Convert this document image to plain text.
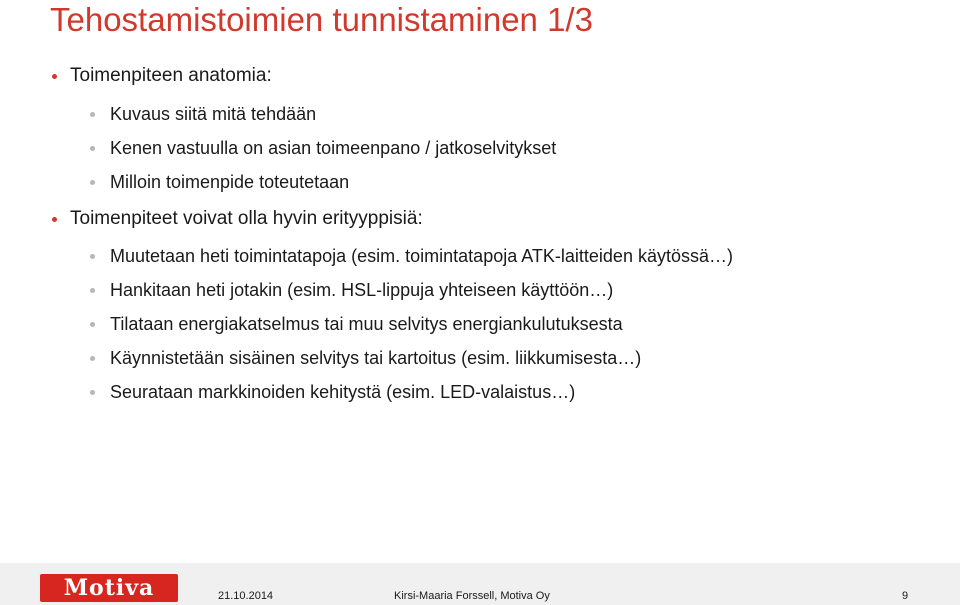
Tehostamistoimien tunnistaminen 1/3
Toimenpiteen anatomia:
Kuvaus siitä mitä tehdään
Kenen vastuulla on asian toimeenpano / jatkoselvitykset
Milloin toimenpide toteutetaan
Toimenpiteet voivat olla hyvin erityyppisiä:
Muutetaan heti toimintatapoja (esim. toimintatapoja ATK-laitteiden käytössä…)
Hankitaan heti jotakin (esim. HSL-lippuja yhteiseen käyttöön…)
Tilataan energiakatselmus tai muu selvitys energiankulutuksesta
Käynnistetään sisäinen selvitys tai kartoitus (esim. liikkumisesta…)
Seurataan markkinoiden kehitystä (esim. LED-valaistus…)
Motiva	21.10.2014	Kirsi-Maaria Forssell, Motiva Oy	9
